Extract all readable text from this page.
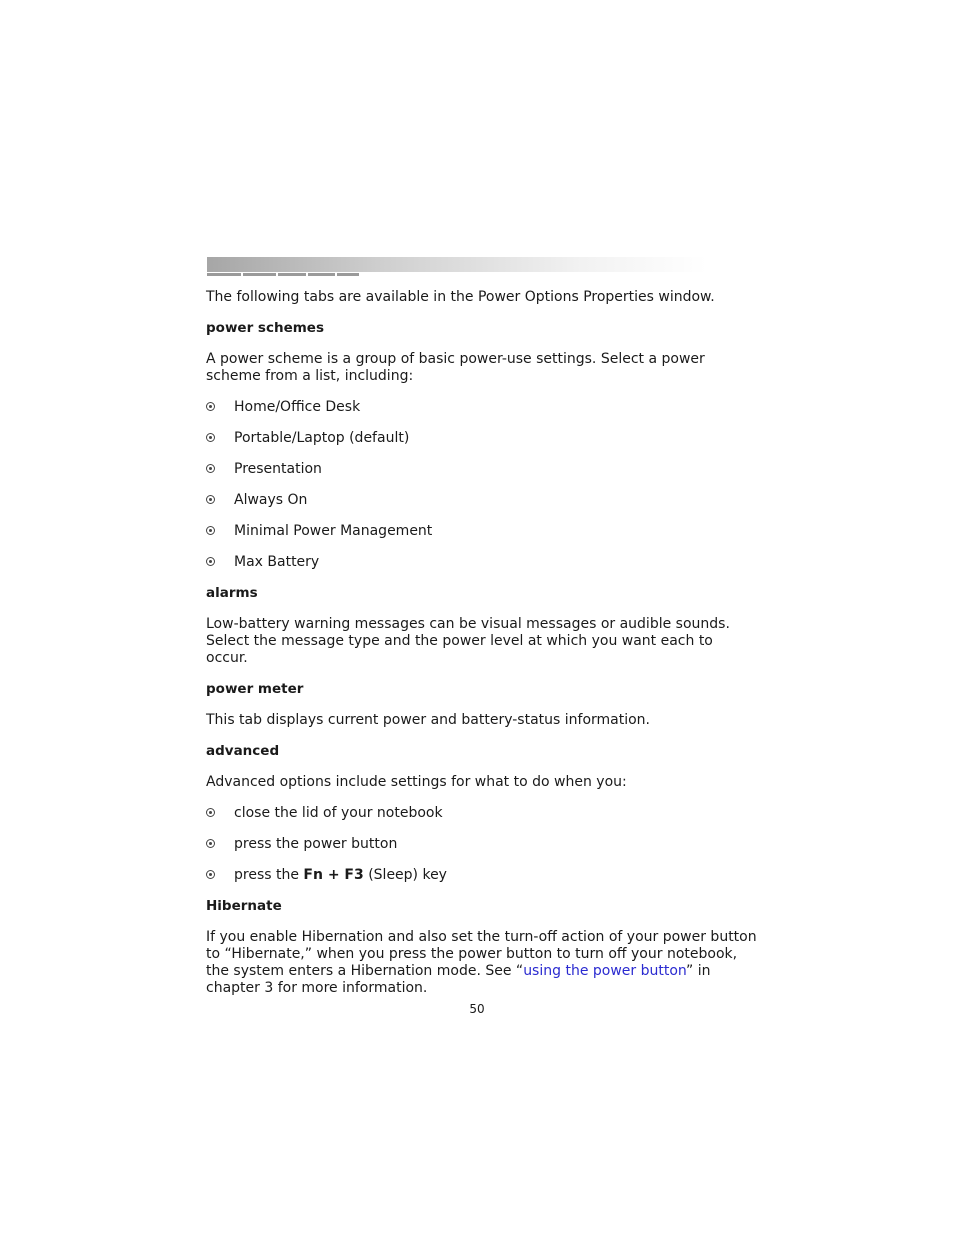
The following tabs are available in the Power Options Properties window.

power schemes

A power scheme is a group of basic power-use settings. Select a power scheme from a list, including:

Home/Office Desk
Portable/Laptop (default)
Presentation
Always On
Minimal Power Management
Max Battery
alarms

Low-battery warning messages can be visual messages or audible sounds. Select the message type and the power level at which you want each to occur.

power meter

This tab displays current power and battery-status information.

advanced

Advanced options include settings for what to do when you:

close the lid of your notebook
press the power button
press the Fn + F3 (Sleep) key
Hibernate

If you enable Hibernation and also set the turn-off action of your power button to “Hibernate,” when you press the power button to turn off your notebook, the system enters a Hibernation mode. See “using the power button” in chapter 3 for more information.

50
